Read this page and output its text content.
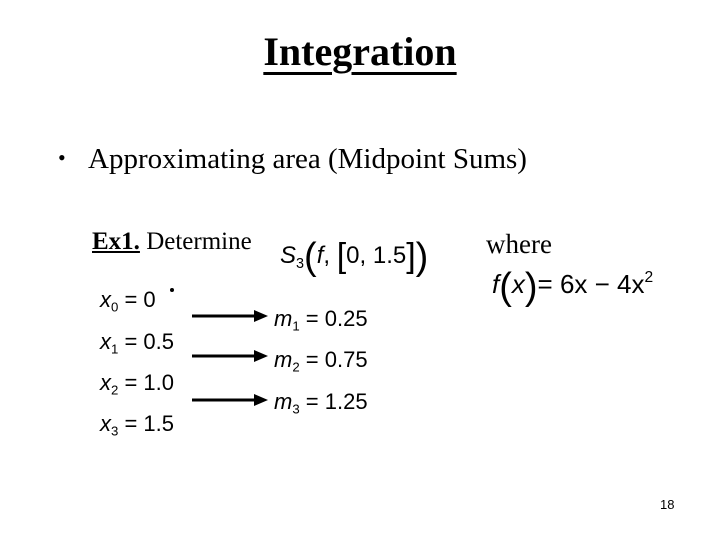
Integration
• Approximating area (Midpoint Sums)
Ex1. Determine
$S_3(f$, [0, 1.5]) where
$f(x)= 6x - 4x^2$
$x_0 = 0$
$x_1 = 0.5$
$x_2 = 1.0$
$x_3 = 1.5$
$m_1 = 0.25$
$m_2 = 0.75$
$m_3 = 1.25$
18
